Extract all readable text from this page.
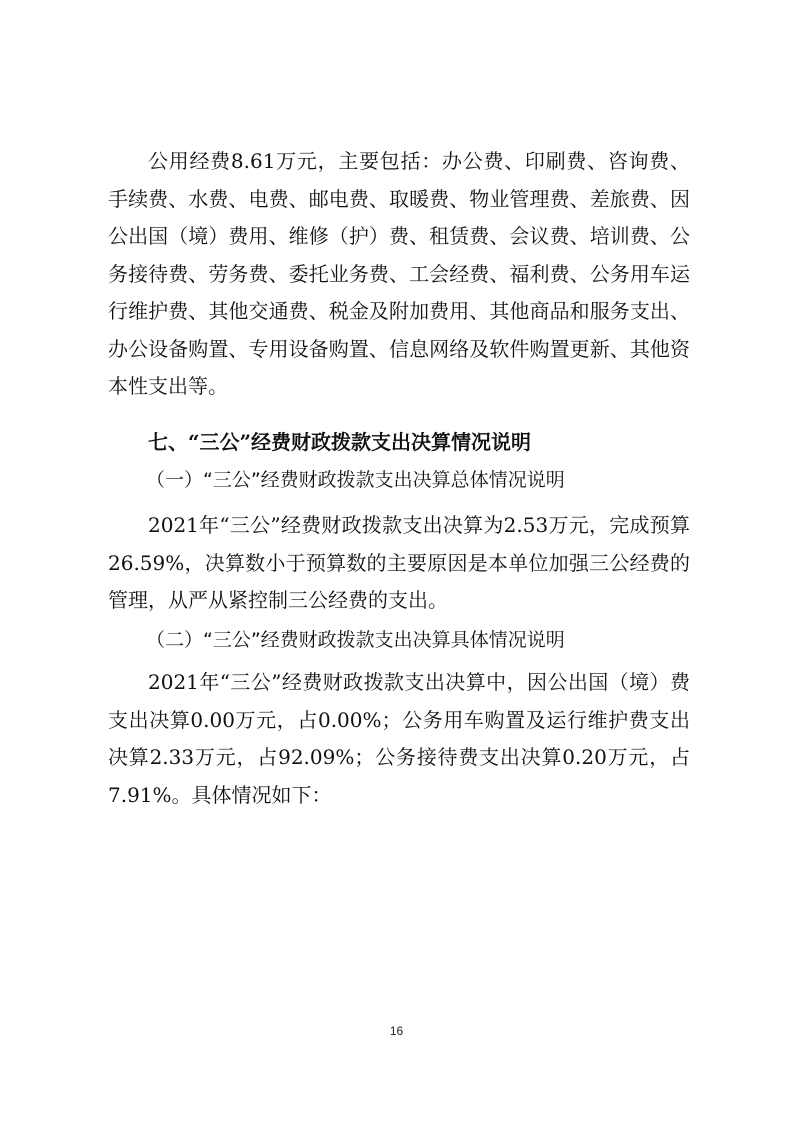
公用经费8.61万元，主要包括：办公费、印刷费、咨询费、手续费、水费、电费、邮电费、取暖费、物业管理费、差旅费、因公出国（境）费用、维修（护）费、租赁费、会议费、培训费、公务接待费、劳务费、委托业务费、工会经费、福利费、公务用车运行维护费、其他交通费、税金及附加费用、其他商品和服务支出、办公设备购置、专用设备购置、信息网络及软件购置更新、其他资本性支出等。

七、“三公”经费财政拨款支出决算情况说明

（一）“三公”经费财政拨款支出决算总体情况说明

2021年“三公”经费财政拨款支出决算为2.53万元，完成预算26.59%，决算数小于预算数的主要原因是本单位加强三公经费的管理，从严从紧控制三公经费的支出。

（二）“三公”经费财政拨款支出决算具体情况说明

2021年“三公”经费财政拨款支出决算中，因公出国（境）费支出决算0.00万元，占0.00%；公务用车购置及运行维护费支出决算2.33万元，占92.09%；公务接待费支出决算0.20万元，占7.91%。具体情况如下：

16
